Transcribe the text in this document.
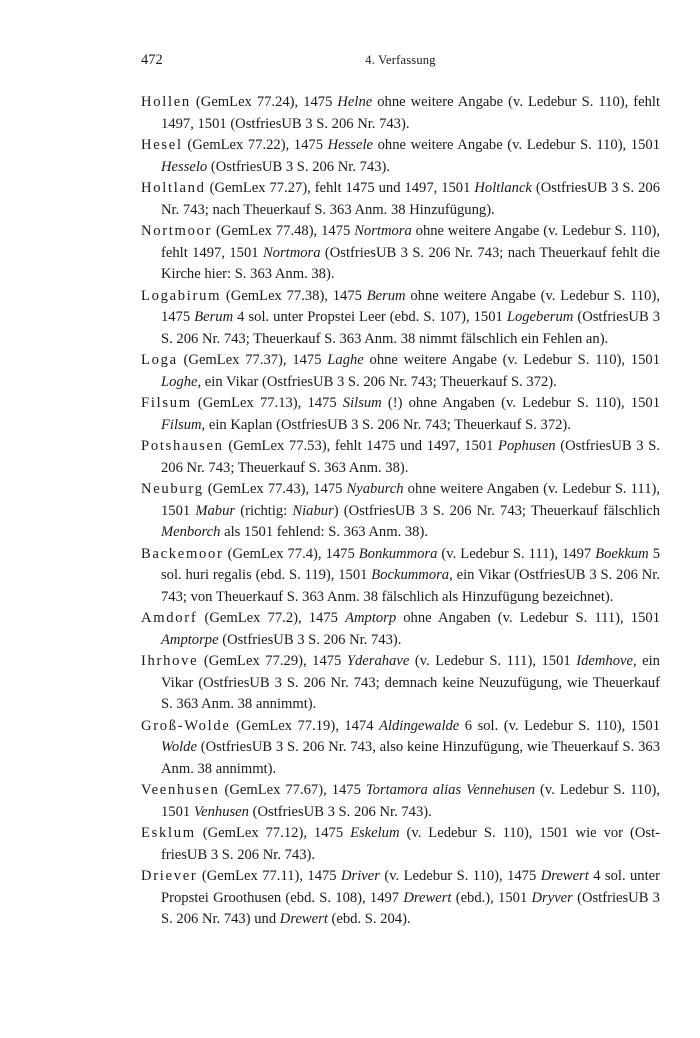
472	4. Verfassung

Hollen (GemLex 77.24), 1475 Helne ohne weitere Angabe (v. Ledebur S. 110), fehlt 1497, 1501 (OstfriesUB 3 S. 206 Nr. 743).

Hesel (GemLex 77.22), 1475 Hessele ohne weitere Angabe (v. Ledebur S. 110), 1501 Hesselo (OstfriesUB 3 S. 206 Nr. 743).

Holtland (GemLex 77.27), fehlt 1475 und 1497, 1501 Holtlanck (OstfriesUB 3 S. 206 Nr. 743; nach Theuerkauf S. 363 Anm. 38 Hinzufügung).

Nortmoor (GemLex 77.48), 1475 Nortmora ohne weitere Angabe (v. Ledebur S. 110), fehlt 1497, 1501 Nortmora (OstfriesUB 3 S. 206 Nr. 743; nach Theuerkauf fehlt die Kirche hier: S. 363 Anm. 38).

Logabirum (GemLex 77.38), 1475 Berum ohne weitere Angabe (v. Ledebur S. 110), 1475 Berum 4 sol. unter Propstei Leer (ebd. S. 107), 1501 Logeberum (OstfriesUB 3 S. 206 Nr. 743; Theuerkauf S. 363 Anm. 38 nimmt fälschlich ein Fehlen an).

Loga (GemLex 77.37), 1475 Laghe ohne weitere Angabe (v. Ledebur S. 110), 1501 Loghe, ein Vikar (OstfriesUB 3 S. 206 Nr. 743; Theuerkauf S. 372).

Filsum (GemLex 77.13), 1475 Silsum (!) ohne Angaben (v. Ledebur S. 110), 1501 Filsum, ein Kaplan (OstfriesUB 3 S. 206 Nr. 743; Theuerkauf S. 372).

Potshausen (GemLex 77.53), fehlt 1475 und 1497, 1501 Pophusen (OstfriesUB 3 S. 206 Nr. 743; Theuerkauf S. 363 Anm. 38).

Neuburg (GemLex 77.43), 1475 Nyaburch ohne weitere Angaben (v. Ledebur S. 111), 1501 Mabur (richtig: Niabur) (OstfriesUB 3 S. 206 Nr. 743; Theuerkauf fälschlich Menborch als 1501 fehlend: S. 363 Anm. 38).

Backemoor (GemLex 77.4), 1475 Bonkummora (v. Ledebur S. 111), 1497 Boekkum 5 sol. huri regalis (ebd. S. 119), 1501 Bockummora, ein Vikar (OstfriesUB 3 S. 206 Nr. 743; von Theuerkauf S. 363 Anm. 38 fälschlich als Hinzufügung bezeichnet).

Amdorf (GemLex 77.2), 1475 Amptorp ohne Angaben (v. Ledebur S. 111), 1501 Amptorpe (OstfriesUB 3 S. 206 Nr. 743).

Ihrhove (GemLex 77.29), 1475 Yderahave (v. Ledebur S. 111), 1501 Idemhove, ein Vikar (OstfriesUB 3 S. 206 Nr. 743; demnach keine Neuzufügung, wie Theuerkauf S. 363 Anm. 38 annimmt).

Groß-Wolde (GemLex 77.19), 1474 Aldingewalde 6 sol. (v. Ledebur S. 110), 1501 Wolde (OstfriesUB 3 S. 206 Nr. 743, also keine Hinzufügung, wie Theuerkauf S. 363 Anm. 38 annimmt).

Veenhusen (GemLex 77.67), 1475 Tortamora alias Vennehusen (v. Ledebur S. 110), 1501 Venhusen (OstfriesUB 3 S. 206 Nr. 743).

Esklum (GemLex 77.12), 1475 Eskelum (v. Ledebur S. 110), 1501 wie vor (OstfriesUB 3 S. 206 Nr. 743).

Driever (GemLex 77.11), 1475 Driver (v. Ledebur S. 110), 1475 Drewert 4 sol. unter Propstei Groothusen (ebd. S. 108), 1497 Drewert (ebd.), 1501 Dryver (OstfriesUB 3 S. 206 Nr. 743) und Drewert (ebd. S. 204).
